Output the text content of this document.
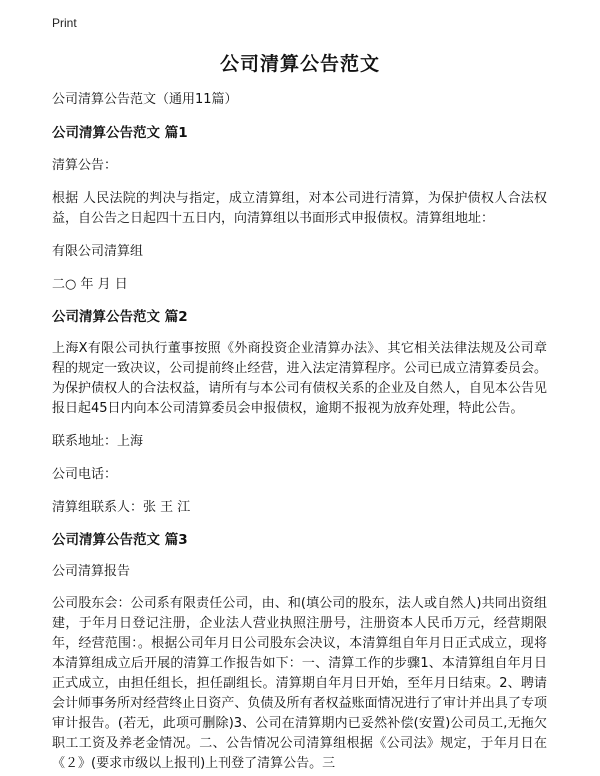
Print
公司清算公告范文

公司清算公告范文（通用11篇）

公司清算公告范文 篇1

清算公告：

根据 人民法院的判决与指定，成立清算组，对本公司进行清算，为保护债权人合法权益，自公告之日起四十五日内，向清算组以书面形式申报债权。清算组地址：

有限公司清算组

二○ 年 月 日

公司清算公告范文 篇2

上海X有限公司执行董事按照《外商投资企业清算办法》、其它相关法律法规及公司章程的规定一致决议，公司提前终止经营，进入法定清算程序。公司已成立清算委员会。为保护债权人的合法权益，请所有与本公司有债权关系的企业及自然人，自见本公告见报日起45日内向本公司清算委员会申报债权，逾期不报视为放弃处理，特此公告。

联系地址：上海

公司电话：

清算组联系人：张 王 江

公司清算公告范文 篇3

公司清算报告

公司股东会：公司系有限责任公司，由、和(填公司的股东，法人或自然人)共同出资组建，于年月日登记注册，企业法人营业执照注册号，注册资本人民币万元，经营期限年，经营范围：。根据公司年月日公司股东会决议，本清算组自年月日正式成立，现将本清算组成立后开展的清算工作报告如下：一、清算工作的步骤1、本清算组自年月日正式成立，由担任组长，担任副组长。清算期自年月日开始，至年月日结束。2、聘请会计师事务所对经营终止日资产、负债及所有者权益账面情况进行了审计并出具了专项审计报告。(若无，此项可删除)3、公司在清算期内已妥然补偿(安置)公司员工,无拖欠职工工资及养老金情况。二、公告情况公司清算组根据《公司法》规定，于年月日在《２》(要求市级以上报刊)上刊登了清算公告。三
